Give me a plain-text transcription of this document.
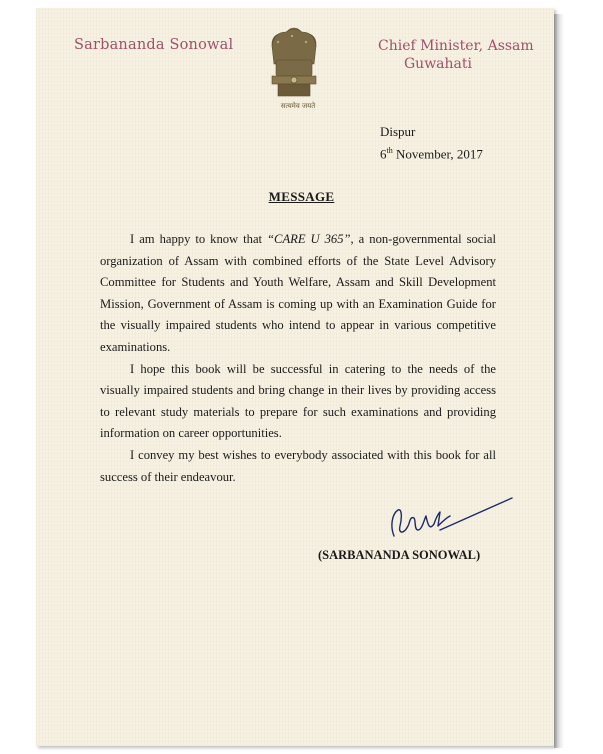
Sarbananda Sonowal	Chief Minister, Assam
Guwahati
सत्यमेव जयते
Dispur
6th November, 2017
MESSAGE

I am happy to know that “CARE U 365”, a non-governmental social organization of Assam with combined efforts of the State Level Advisory Committee for Students and Youth Welfare, Assam and Skill Development Mission, Government of Assam is coming up with an Examination Guide for the visually impaired students who intend to appear in various competitive examinations.

I hope this book will be successful in catering to the needs of the visually impaired students and bring change in their lives by providing access to relevant study materials to prepare for such examinations and providing information on career opportunities.

I convey my best wishes to everybody associated with this book for all success of their endeavour.

(SARBANANDA SONOWAL)
